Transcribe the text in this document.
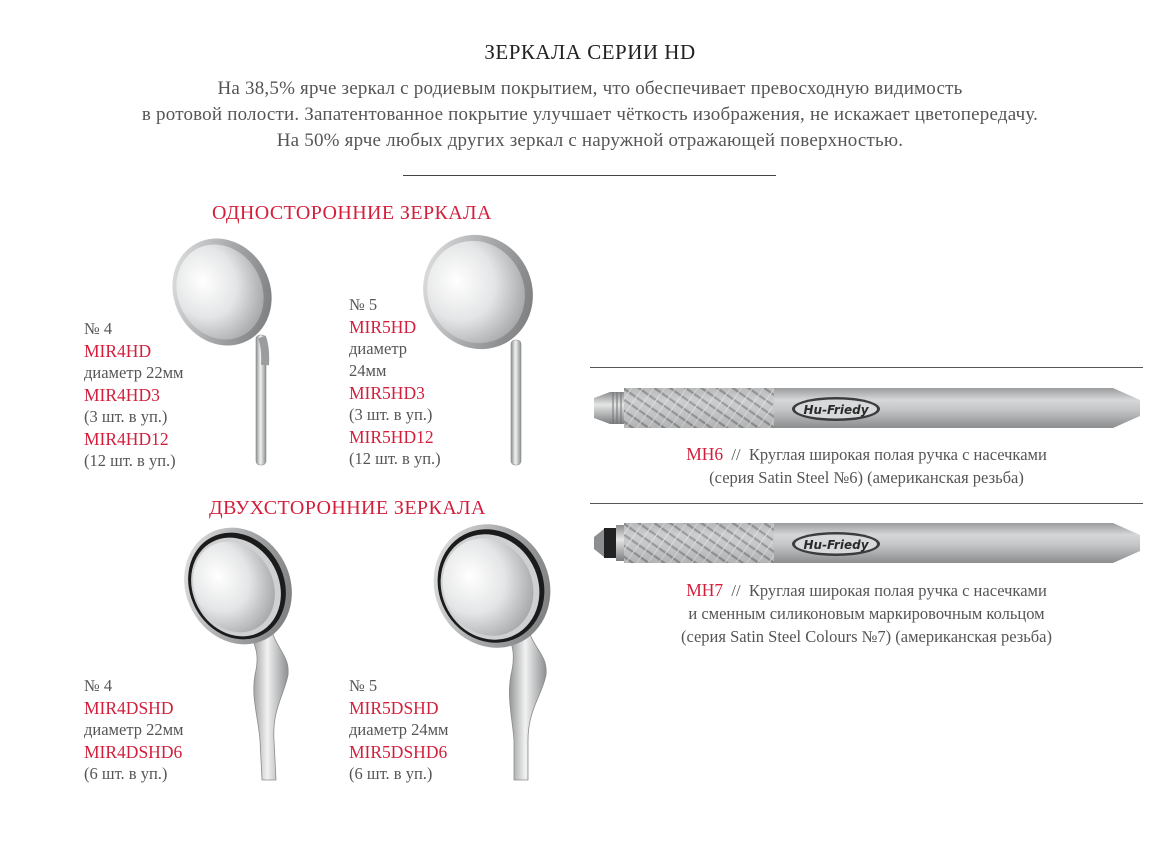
ЗЕРКАЛА СЕРИИ HD
На 38,5% ярче зеркал с родиевым покрытием, что обеспечивает превосходную видимость
в ротовой полости. Запатентованное покрытие улучшает чёткость изображения, не искажает цветопередачу.
На 50% ярче любых других зеркал с наружной отражающей поверхностью.
ОДНОСТОРОННИЕ ЗЕРКАЛА
№ 4
MIR4HD
диаметр 22мм
MIR4HD3
(3 шт. в уп.)
MIR4HD12
(12 шт. в уп.)
№ 5
MIR5HD
диаметр
24мм
MIR5HD3
(3 шт. в уп.)
MIR5HD12
(12 шт. в уп.)
ДВУХСТОРОННИЕ ЗЕРКАЛА
№ 4
MIR4DSHD
диаметр 22мм
MIR4DSHD6
(6 шт. в уп.)
№ 5
MIR5DSHD
диаметр 24мм
MIR5DSHD6
(6 шт. в уп.)
Hu-Friedy
MH6 // Круглая широкая полая ручка с насечками
(серия Satin Steel №6) (американская резьба)
Hu-Friedy
MH7 // Круглая широкая полая ручка с насечками
и сменным силиконовым маркировочным кольцом
(серия Satin Steel Colours №7) (американская резьба)
